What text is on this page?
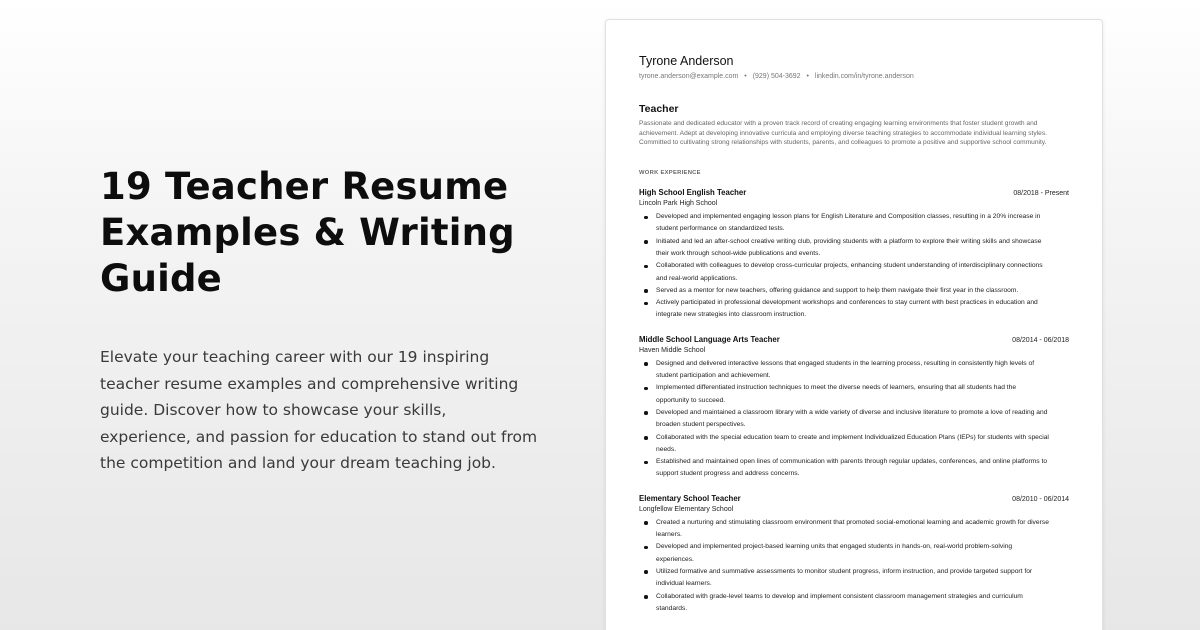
19 Teacher Resume Examples & Writing Guide

Elevate your teaching career with our 19 inspiring teacher resume examples and comprehensive writing guide. Discover how to showcase your skills, experience, and passion for education to stand out from the competition and land your dream teaching job.

Tyrone Anderson
tyrone.anderson@example.com • (929) 504-3692 • linkedin.com/in/tyrone.anderson
Teacher
Passionate and dedicated educator with a proven track record of creating engaging learning environments that foster student growth and achievement. Adept at developing innovative curricula and employing diverse teaching strategies to accommodate individual learning styles. Committed to cultivating strong relationships with students, parents, and colleagues to promote a positive and supportive school community.
WORK EXPERIENCE
High School English Teacher	08/2018 - Present
Lincoln Park High School
Developed and implemented engaging lesson plans for English Literature and Composition classes, resulting in a 20% increase in student performance on standardized tests.
Initiated and led an after-school creative writing club, providing students with a platform to explore their writing skills and showcase their work through school-wide publications and events.
Collaborated with colleagues to develop cross-curricular projects, enhancing student understanding of interdisciplinary connections and real-world applications.
Served as a mentor for new teachers, offering guidance and support to help them navigate their first year in the classroom.
Actively participated in professional development workshops and conferences to stay current with best practices in education and integrate new strategies into classroom instruction.
Middle School Language Arts Teacher	08/2014 - 06/2018
Haven Middle School
Designed and delivered interactive lessons that engaged students in the learning process, resulting in consistently high levels of student participation and achievement.
Implemented differentiated instruction techniques to meet the diverse needs of learners, ensuring that all students had the opportunity to succeed.
Developed and maintained a classroom library with a wide variety of diverse and inclusive literature to promote a love of reading and broaden student perspectives.
Collaborated with the special education team to create and implement Individualized Education Plans (IEPs) for students with special needs.
Established and maintained open lines of communication with parents through regular updates, conferences, and online platforms to support student progress and address concerns.
Elementary School Teacher	08/2010 - 06/2014
Longfellow Elementary School
Created a nurturing and stimulating classroom environment that promoted social-emotional learning and academic growth for diverse learners.
Developed and implemented project-based learning units that engaged students in hands-on, real-world problem-solving experiences.
Utilized formative and summative assessments to monitor student progress, inform instruction, and provide targeted support for individual learners.
Collaborated with grade-level teams to develop and implement consistent classroom management strategies and curriculum standards.
